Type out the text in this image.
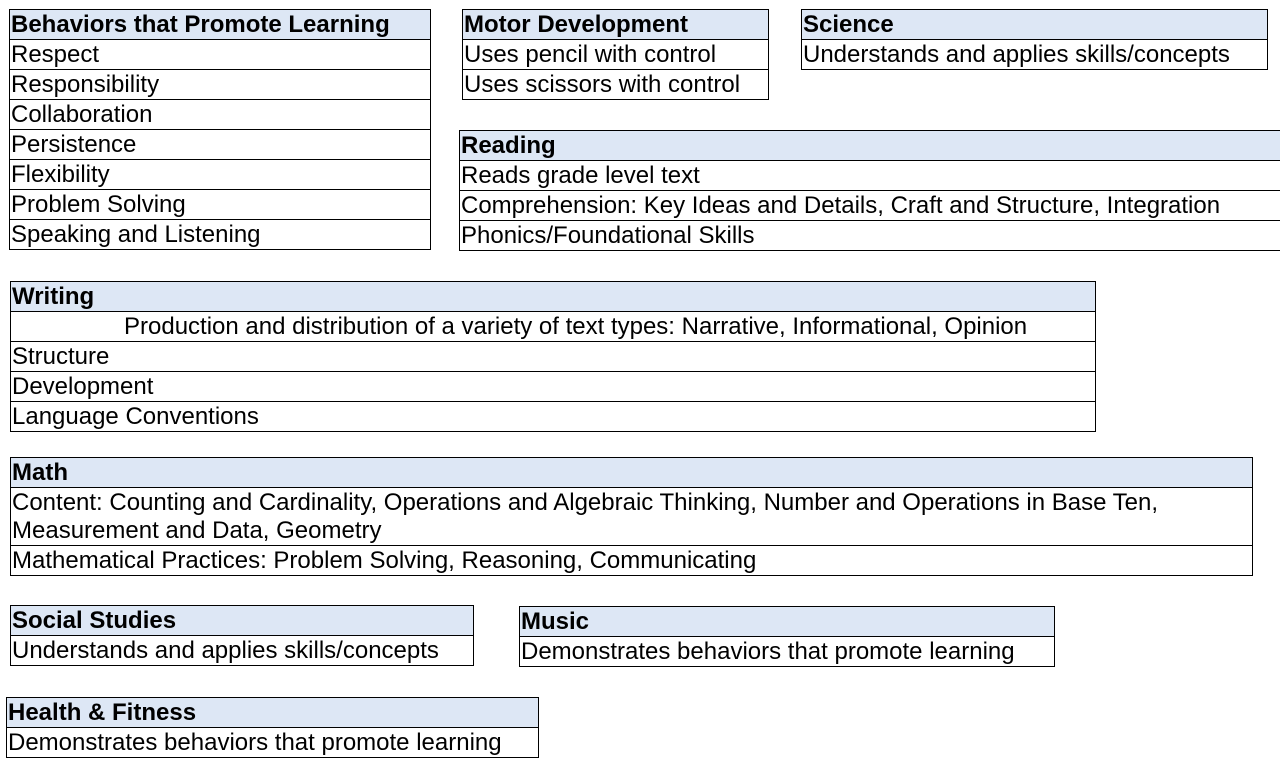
Behaviors that Promote Learning
Respect
Responsibility
Collaboration
Persistence
Flexibility
Problem Solving
Speaking and Listening
Motor Development
Uses pencil with control
Uses scissors with control
Science
Understands and applies skills/concepts
Reading
Reads grade level text
Comprehension: Key Ideas and Details, Craft and Structure, Integration
Phonics/Foundational Skills
Writing
Production and distribution of a variety of text types: Narrative, Informational, Opinion
Structure
Development
Language Conventions
Math
Content: Counting and Cardinality, Operations and Algebraic Thinking, Number and Operations in Base Ten, Measurement and Data, Geometry
Mathematical Practices: Problem Solving, Reasoning, Communicating
Social Studies
Understands and applies skills/concepts
Music
Demonstrates behaviors that promote learning
Health & Fitness
Demonstrates behaviors that promote learning
